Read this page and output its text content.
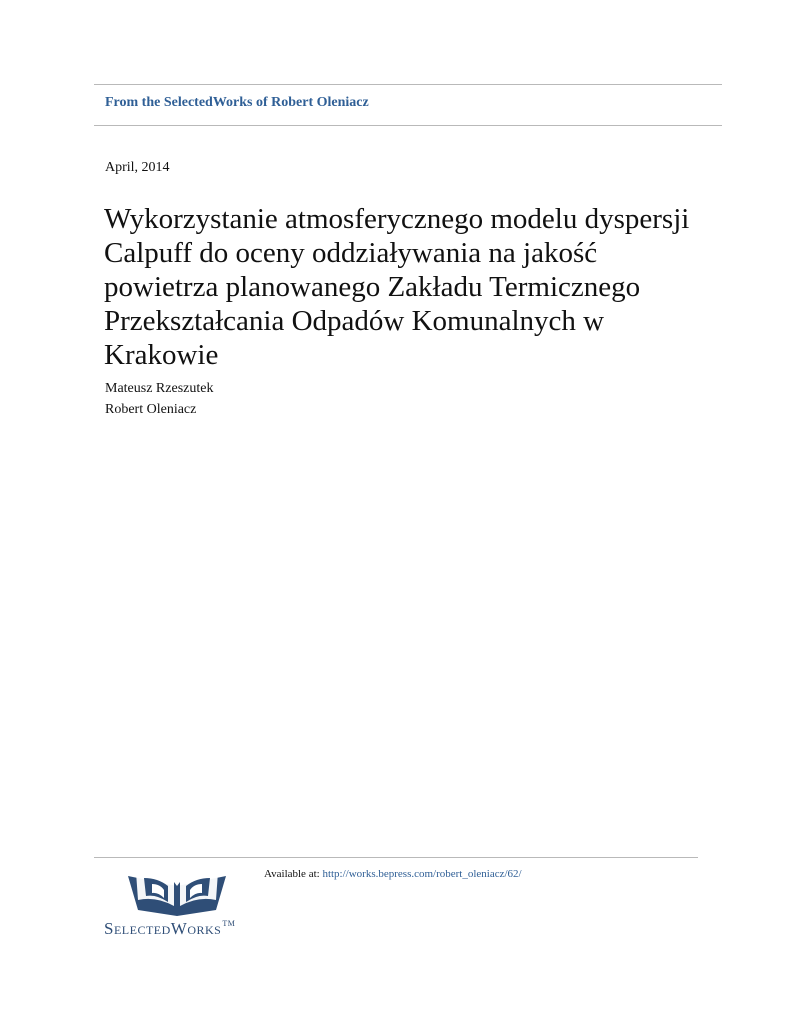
From the SelectedWorks of Robert Oleniacz
April, 2014
Wykorzystanie atmosferycznego modelu dyspersji
Calpuff do oceny oddziaływania na jakość
powietrza planowanego Zakładu Termicznego
Przekształcania Odpadów Komunalnych w
Krakowie
Mateusz Rzeszutek
Robert Oleniacz
SelectedWorks™
Available at: http://works.bepress.com/robert_oleniacz/62/
